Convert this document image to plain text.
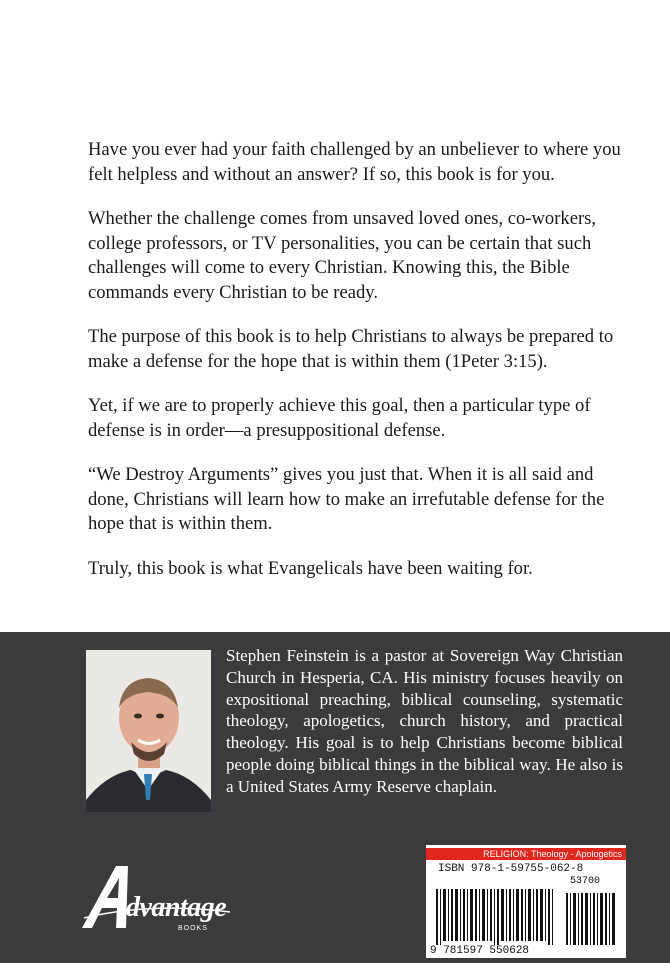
Have you ever had your faith challenged by an unbeliever to where you felt helpless and without an answer? If so, this book is for you.

Whether the challenge comes from unsaved loved ones, co-workers, college professors, or TV personalities, you can be certain that such challenges will come to every Christian. Knowing this, the Bible commands every Christian to be ready.

The purpose of this book is to help Christians to always be prepared to make a defense for the hope that is within them (1Peter 3:15).

Yet, if we are to properly achieve this goal, then a particular type of defense is in order—a presuppositional defense.

“We Destroy Arguments” gives you just that. When it is all said and done, Christians will learn how to make an irrefutable defense for the hope that is within them.

Truly, this book is what Evangelicals have been waiting for.

Stephen Feinstein is a pastor at Sovereign Way Christian Church in Hesperia, CA. His ministry focuses heavily on expositional preaching, biblical counseling, systematic theology, apologetics, church history, and practical theology. His goal is to help Christians become biblical people doing biblical things in the biblical way. He also is a United States Army Reserve chaplain.
dvantage
BOOKS
RELIGION: Theology - Apologetics
ISBN 978-1-59755-062-8
53700
9 781597 550628
